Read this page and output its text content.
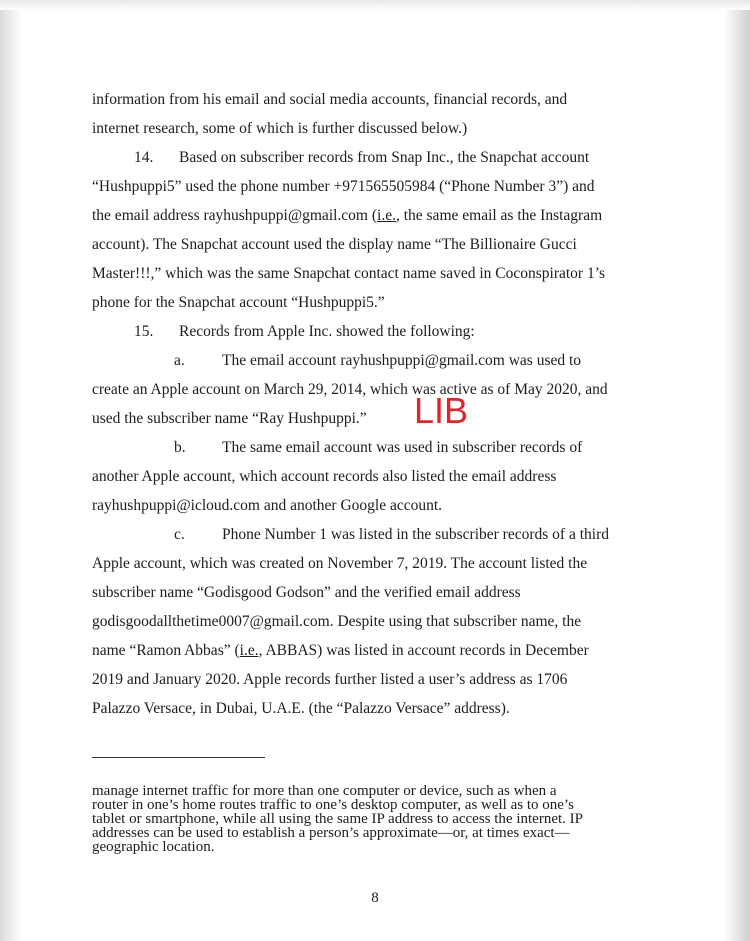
information from his email and social media accounts, financial records, and
internet research, some of which is further discussed below.)
14. Based on subscriber records from Snap Inc., the Snapchat account
“Hushpuppi5” used the phone number +971565505984 (“Phone Number 3”) and
the email address rayhushpuppi@gmail.com (i.e., the same email as the Instagram
account). The Snapchat account used the display name “The Billionaire Gucci
Master!!!,” which was the same Snapchat contact name saved in Coconspirator 1’s
phone for the Snapchat account “Hushpuppi5.”
15. Records from Apple Inc. showed the following:
a. The email account rayhushpuppi@gmail.com was used to
create an Apple account on March 29, 2014, which was active as of May 2020, and
used the subscriber name “Ray Hushpuppi.”
b. The same email account was used in subscriber records of
another Apple account, which account records also listed the email address
rayhushpuppi@icloud.com and another Google account.
c. Phone Number 1 was listed in the subscriber records of a third
Apple account, which was created on November 7, 2019. The account listed the
subscriber name “Godisgood Godson” and the verified email address
godisgoodallthetime0007@gmail.com. Despite using that subscriber name, the
name “Ramon Abbas” (i.e., ABBAS) was listed in account records in December
2019 and January 2020. Apple records further listed a user’s address as 1706
Palazzo Versace, in Dubai, U.A.E. (the “Palazzo Versace” address).
LIB
manage internet traffic for more than one computer or device, such as when a
router in one’s home routes traffic to one’s desktop computer, as well as to one’s
tablet or smartphone, while all using the same IP address to access the internet. IP
addresses can be used to establish a person’s approximate—or, at times exact—
geographic location.
8
